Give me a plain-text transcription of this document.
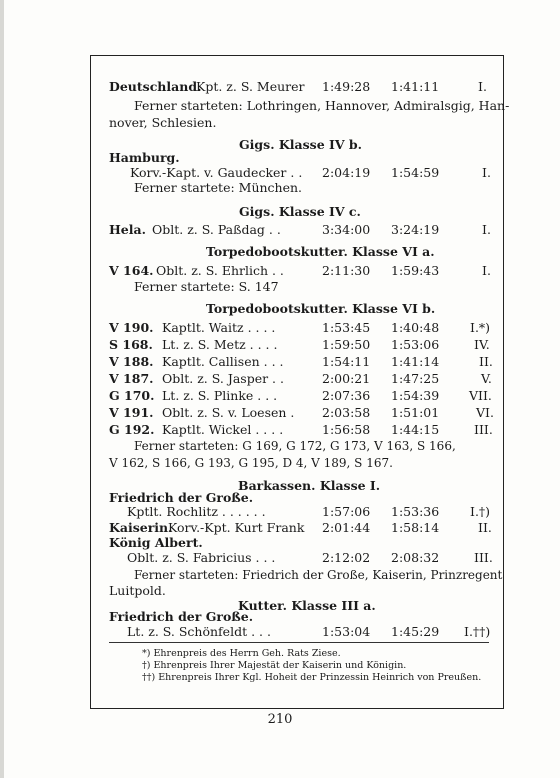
Deutschland.
Kpt. z. S. Meurer 1:49:28 1:41:11	I.
Ferner starteten: Lothringen, Hannover, Admiralsgig, Han-
nover, Schlesien.
Gigs. Klasse IV b.
Hamburg.
Korv.-Kapt. v. Gaudecker . . 2:04:19 1:54:59	I.
Ferner startete: München.
Gigs. Klasse IV c.
Hela. Oblt. z. S. Paßdag . .	3:34:00 3:24:19	I.
Torpedobootskutter. Klasse VI a.
V 164. Oblt. z. S. Ehrlich . .	2:11:30 1:59:43	I.
Ferner startete: S. 147
Torpedobootskutter. Klasse VI b.
V 190. Kaptlt. Waitz . . . .	1:53:45 1:40:48 I.*)
S 168. Lt. z. S. Metz . . . .	1:59:50 1:53:06	IV.
V 188. Kaptlt. Callisen . . .	1:54:11 1:41:14	II.
V 187. Oblt. z. S. Jasper . .	2:00:21 1:47:25	V.
G 170. Lt. z. S. Plinke . . .	2:07:36 1:54:39 VII.
V 191. Oblt. z. S. v. Loesen . 2:03:58 1:51:01	VI.
G 192. Kaptlt. Wickel . . . .	1:56:58 1:44:15	III.
Ferner starteten: G 169, G 172, G 173, V 163, S 166,
V 162, S 166, G 193, G 195, D 4, V 189, S 167.
Barkassen. Klasse I.
Friedrich der Große.
Kptlt. Rochlitz . . . . . .	1:57:06 1:53:36 I.†)
Kaiserin.
Korv.-Kpt. Kurt Frank 2:01:44 1:58:14	II.
König Albert.
Oblt. z. S. Fabricius . . .	2:12:02 2:08:32	III.
Ferner starteten: Friedrich der Große, Kaiserin, Prinzregent
Luitpold.
Kutter. Klasse III a.
Friedrich der Große.
Lt. z. S. Schönfeldt . . .	1:53:04 1:45:29 I.††)
*) Ehrenpreis des Herrn Geh. Rats Ziese.
†) Ehrenpreis Ihrer Majestät der Kaiserin und Königin.
††) Ehrenpreis Ihrer Kgl. Hoheit der Prinzessin Heinrich von Preußen.
210
